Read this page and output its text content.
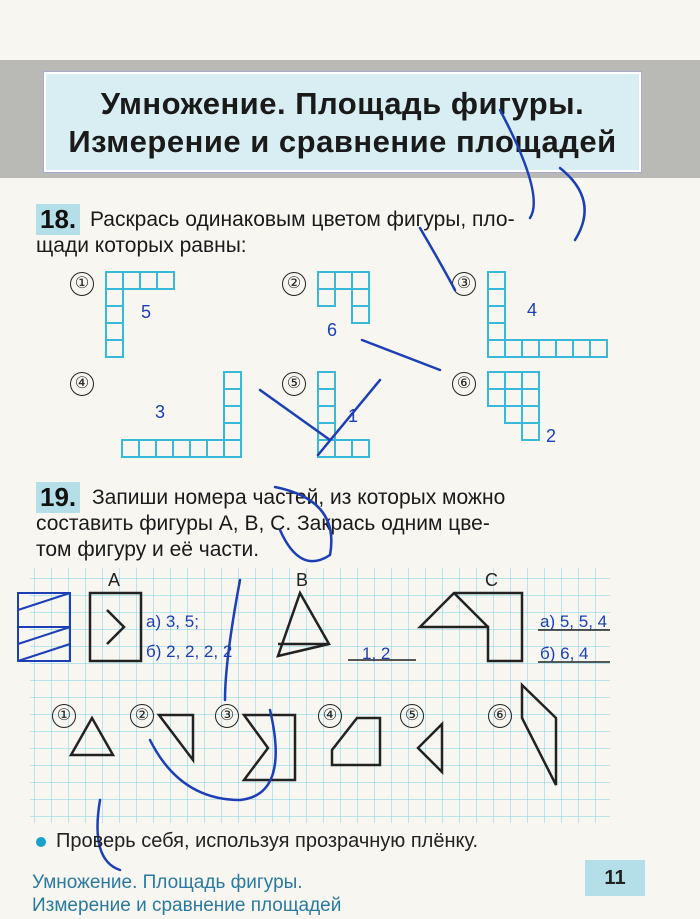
Умножение. Площадь фигуры.
Измерение и сравнение площадей
18. Раскрась одинаковым цветом фигуры, пло-
щади которых равны:
①	②	③
④	⑤	⑥
19. Запиши номера частей, из которых можно
составить фигуры А, В, С. Закрась одним цве-
том фигуру и её части.
5
6
4
3	1
2
А	В	С
а) 3, 5;
б) 2, 2, 2, 2	1, 2
а) 5, 5, 4
б) 6, 4
①	②	③	④	⑤	⑥
Проверь себя, используя прозрачную плёнку.
Умножение. Площадь фигуры.
Измерение и сравнение площадей
11
